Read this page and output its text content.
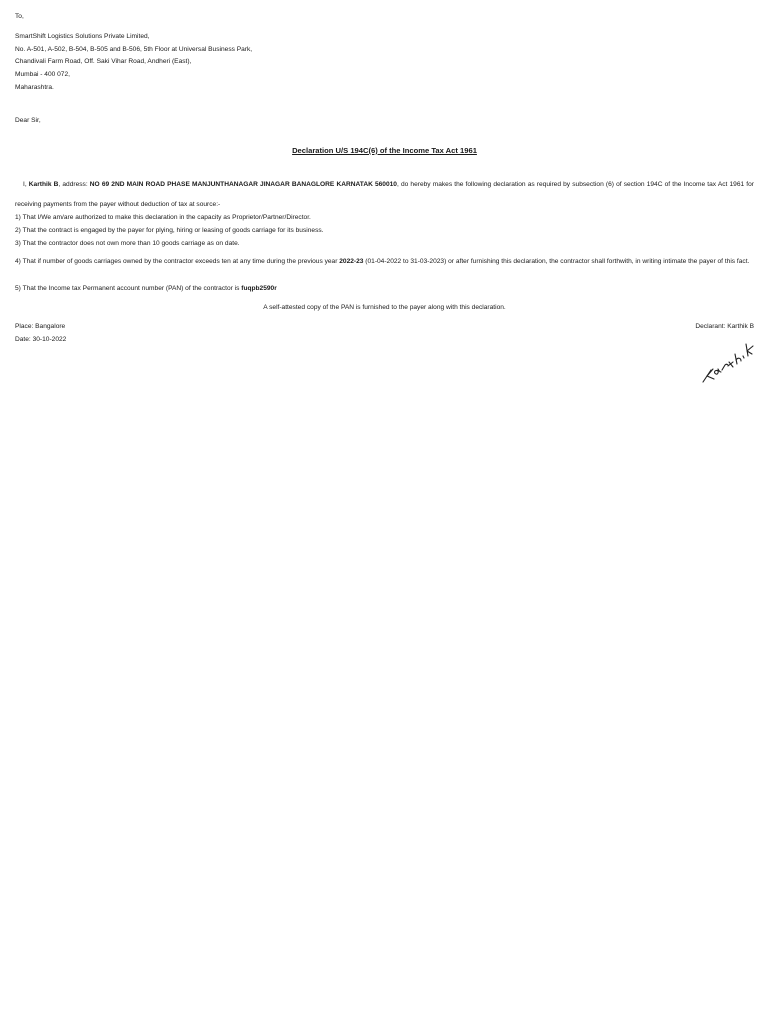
To,
SmartShift Logistics Solutions Private Limited,
No. A-501, A-502, B-504, B-505 and B-506, 5th Floor at Universal Business Park,
Chandivali Farm Road, Off. Saki Vihar Road, Andheri (East),
Mumbai - 400 072,
Maharashtra.
Dear Sir,
Declaration U/S 194C(6) of the Income Tax Act 1961
I, Karthik B, address: NO 69 2ND MAIN ROAD PHASE MANJUNTHANAGAR JINAGAR BANAGLORE KARNATAK 560010, do hereby makes the following declaration as required by subsection (6) of section 194C of the Income tax Act 1961 for receiving payments from the payer without deduction of tax at source:-
1) That I/We am/are authorized to make this declaration in the capacity as Proprietor/Partner/Director.
2) That the contract is engaged by the payer for plying, hiring or leasing of goods carriage for its business.
3) That the contractor does not own more than 10 goods carriage as on date.
4) That if number of goods carriages owned by the contractor exceeds ten at any time during the previous year 2022-23 (01-04-2022 to 31-03-2023) or after furnishing this declaration, the contractor shall forthwith, in writing intimate the payer of this fact.
5) That the Income tax Permanent account number (PAN) of the contractor is fuqpb2590r
A self-attested copy of the PAN is furnished to the payer along with this declaration.
Place: Bangalore
Date: 30-10-2022
Declarant: Karthik B
